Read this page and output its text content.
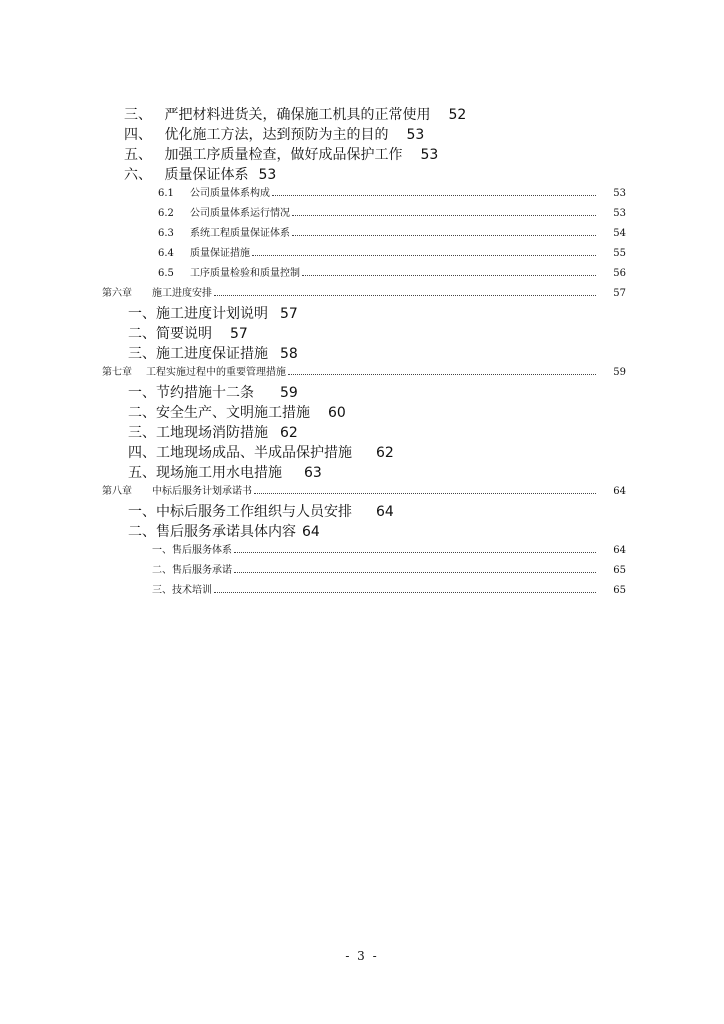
三、 严把材料进货关，确保施工机具的正常使用 52
四、 优化施工方法，达到预防为主的目的 53
五、 加强工序质量检查，做好成品保护工作 53
六、 质量保证体系 53
6.1	公司质量体系构成	53
6.2	公司质量体系运行情况	53
6.3	系统工程质量保证体系	54
6.4	质量保证措施	55
6.5	工序质量检验和质量控制	56
第六章	施工进度安排	57
一、施工进度计划说明 57
二、简要说明 57
三、施工进度保证措施 58
第七章	工程实施过程中的重要管理措施	59
一、节约措施十二条 59
二、安全生产、文明施工措施 60
三、工地现场消防措施 62
四、工地现场成品、半成品保护措施 62
五、现场施工用水电措施 63
第八章	中标后服务计划承诺书	64
一、中标后服务工作组织与人员安排 64
二、售后服务承诺具体内容 64
一、售后服务体系	64
二、售后服务承诺	65
三、技术培训	65
- 3 -
